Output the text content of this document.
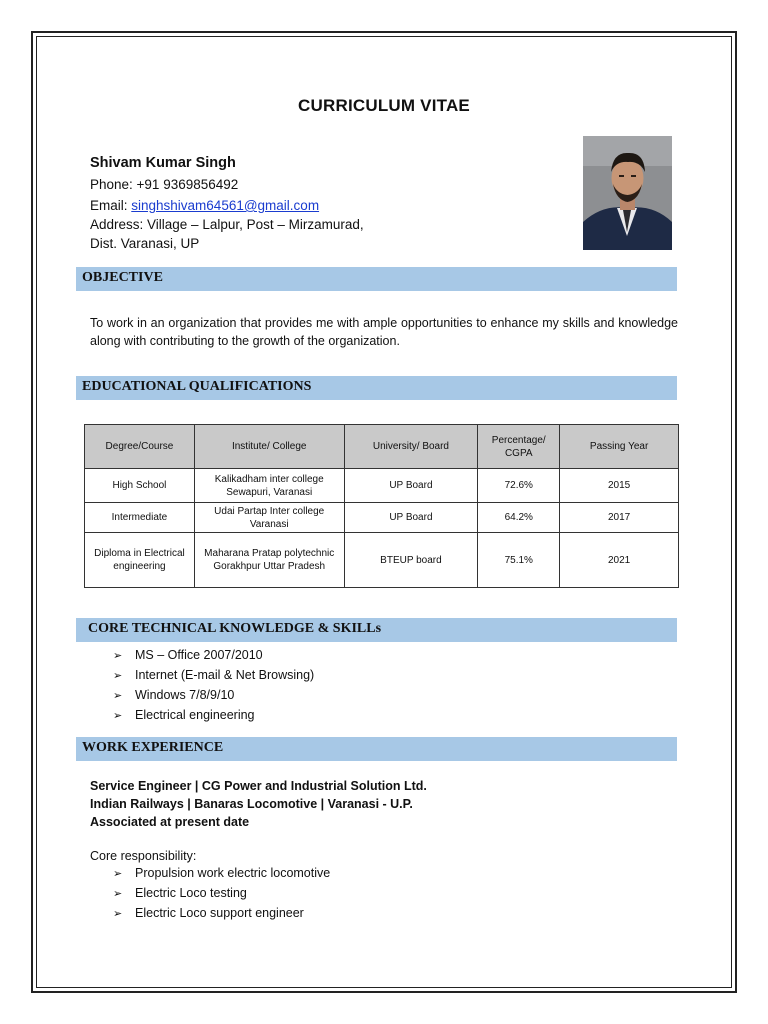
CURRICULUM VITAE
Shivam Kumar Singh
Phone: +91 9369856492
Email: singhshivam64561@gmail.com
Address: Village – Lalpur, Post – Mirzamurad,
Dist. Varanasi, UP
OBJECTIVE
To work in an organization that provides me with ample opportunities to enhance my skills and knowledge along with contributing to the growth of the organization.
EDUCATIONAL QUALIFICATIONS
Degree/Course	Institute/ College	University/ Board	Percentage/ CGPA	Passing Year
High School	Kalikadham inter college Sewapuri, Varanasi	UP Board	72.6%	2015
Intermediate	Udai Partap Inter college Varanasi	UP Board	64.2%	2017
Diploma in Electrical engineering	Maharana Pratap polytechnic Gorakhpur Uttar Pradesh	BTEUP board	75.1%	2021
CORE TECHNICAL KNOWLEDGE & SKILLs
➢ MS – Office 2007/2010
➢ Internet (E-mail & Net Browsing)
➢ Windows 7/8/9/10
➢ Electrical engineering
WORK EXPERIENCE
Service Engineer | CG Power and Industrial Solution Ltd.
Indian Railways | Banaras Locomotive | Varanasi - U.P.
Associated at present date
Core responsibility:
➢ Propulsion work electric locomotive
➢ Electric Loco testing
➢ Electric Loco support engineer
